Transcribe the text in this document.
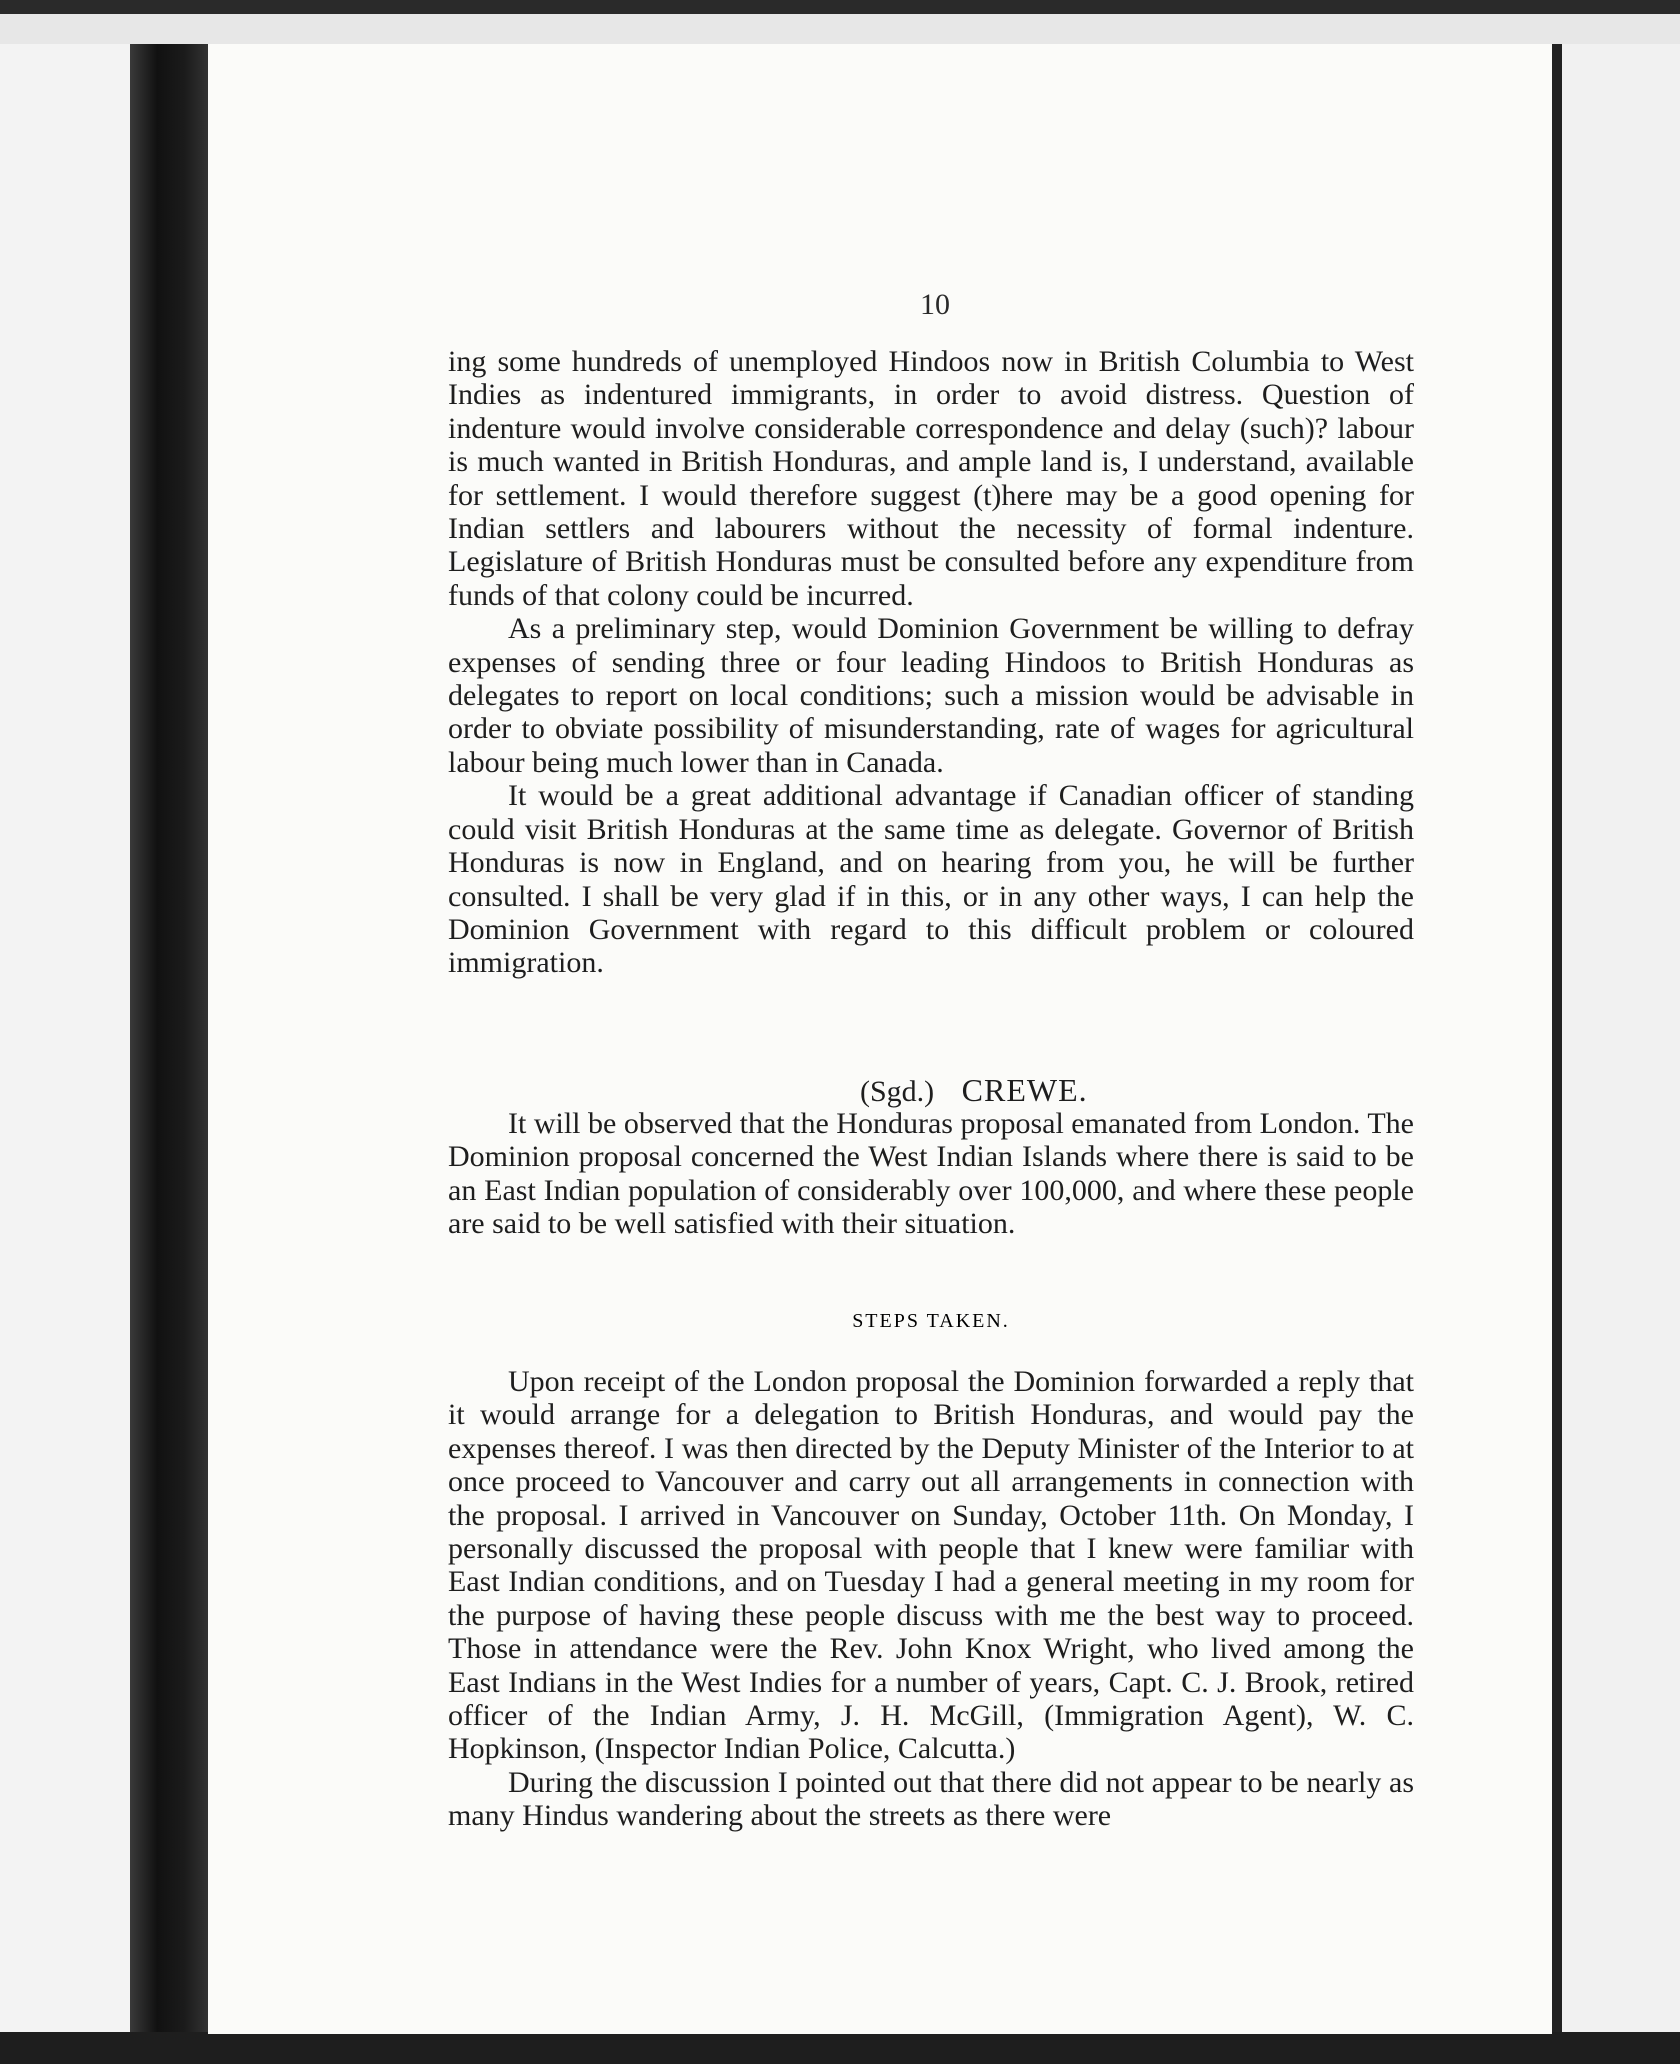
10

ing some hundreds of unemployed Hindoos now in British Columbia to West Indies as indentured immigrants, in order to avoid distress. Question of indenture would involve considerable correspondence and delay (such)? labour is much wanted in British Honduras, and ample land is, I understand, available for settlement. I would therefore suggest (t)here may be a good opening for Indian settlers and labourers without the necessity of formal indenture. Legislature of British Honduras must be consulted before any expenditure from funds of that colony could be incurred.

As a preliminary step, would Dominion Government be willing to defray expenses of sending three or four leading Hindoos to British Honduras as delegates to report on local conditions; such a mission would be advisable in order to obviate possibility of misunderstanding, rate of wages for agricultural labour being much lower than in Canada.

It would be a great additional advantage if Canadian officer of standing could visit British Honduras at the same time as delegate. Governor of British Honduras is now in England, and on hearing from you, he will be further consulted. I shall be very glad if in this, or in any other ways, I can help the Dominion Government with regard to this difficult problem or coloured immigration.

(Sgd.) CREWE.

It will be observed that the Honduras proposal emanated from London. The Dominion proposal concerned the West Indian Islands where there is said to be an East Indian population of considerably over 100,000, and where these people are said to be well satisfied with their situation.

STEPS TAKEN.

Upon receipt of the London proposal the Dominion forwarded a reply that it would arrange for a delegation to British Honduras, and would pay the expenses thereof. I was then directed by the Deputy Minister of the Interior to at once proceed to Vancouver and carry out all arrangements in connection with the proposal. I arrived in Vancouver on Sunday, October 11th. On Monday, I personally discussed the proposal with people that I knew were familiar with East Indian conditions, and on Tuesday I had a general meeting in my room for the purpose of having these people discuss with me the best way to proceed. Those in attendance were the Rev. John Knox Wright, who lived among the East Indians in the West Indies for a number of years, Capt. C. J. Brook, retired officer of the Indian Army, J. H. McGill, (Immigration Agent), W. C. Hopkinson, (Inspector Indian Police, Calcutta.)

During the discussion I pointed out that there did not appear to be nearly as many Hindus wandering about the streets as there were
